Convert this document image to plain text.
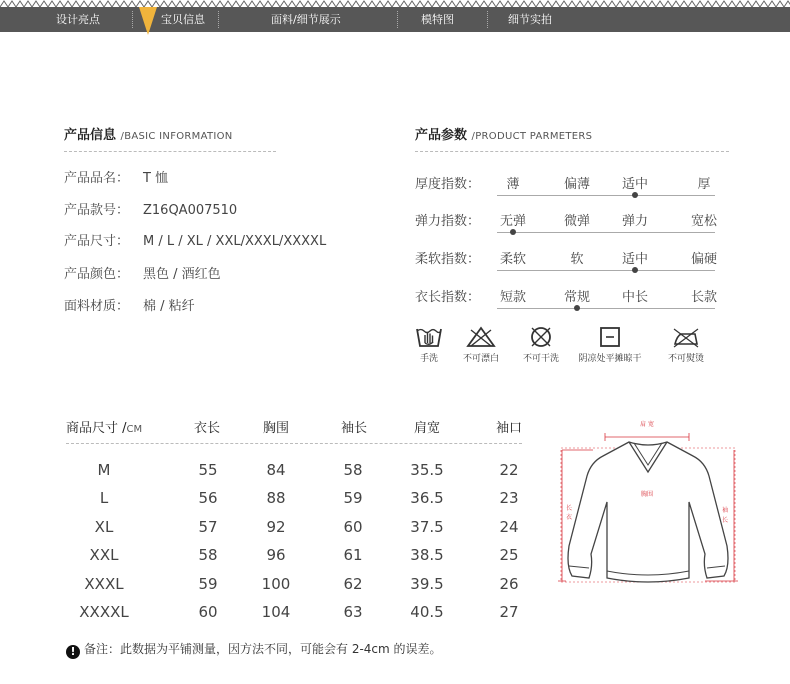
设计亮点	宝贝信息	面料/细节展示	模特图	细节实拍
产品信息 /BASIC INFORMATION
产品品名： T 恤
产品款号： Z16QA007510
产品尺寸： M / L / XL / XXL/XXXL/XXXXL
产品颜色： 黑色 / 酒红色
面料材质： 棉 / 粘纤
产品参数 /PRODUCT PARMETERS
厚度指数： 薄	偏薄 适中	厚
弹力指数： 无弹	微弹 弹力	宽松
柔软指数： 柔软	软	适中	偏硬
衣长指数： 短款	常规 中长	长款
手洗	不可漂白	不可干洗	阴凉处平摊晾干	不可熨烫
商品尺寸 /CM	衣长	胸围	袖长	肩宽	袖口
M	55	84	58	35.5	22
L	56	88	59	36.5	23
XL	57	92	60	37.5	24
XXL	58	96	61	38.5	25
XXXL	59	100	62	39.5	26
XXXXL	60	104	63	40.5	27
肩 宽
胸围
长
衣
袖
长
! 备注：此数据为平铺测量，因方法不同，可能会有 2-4cm 的误差。
